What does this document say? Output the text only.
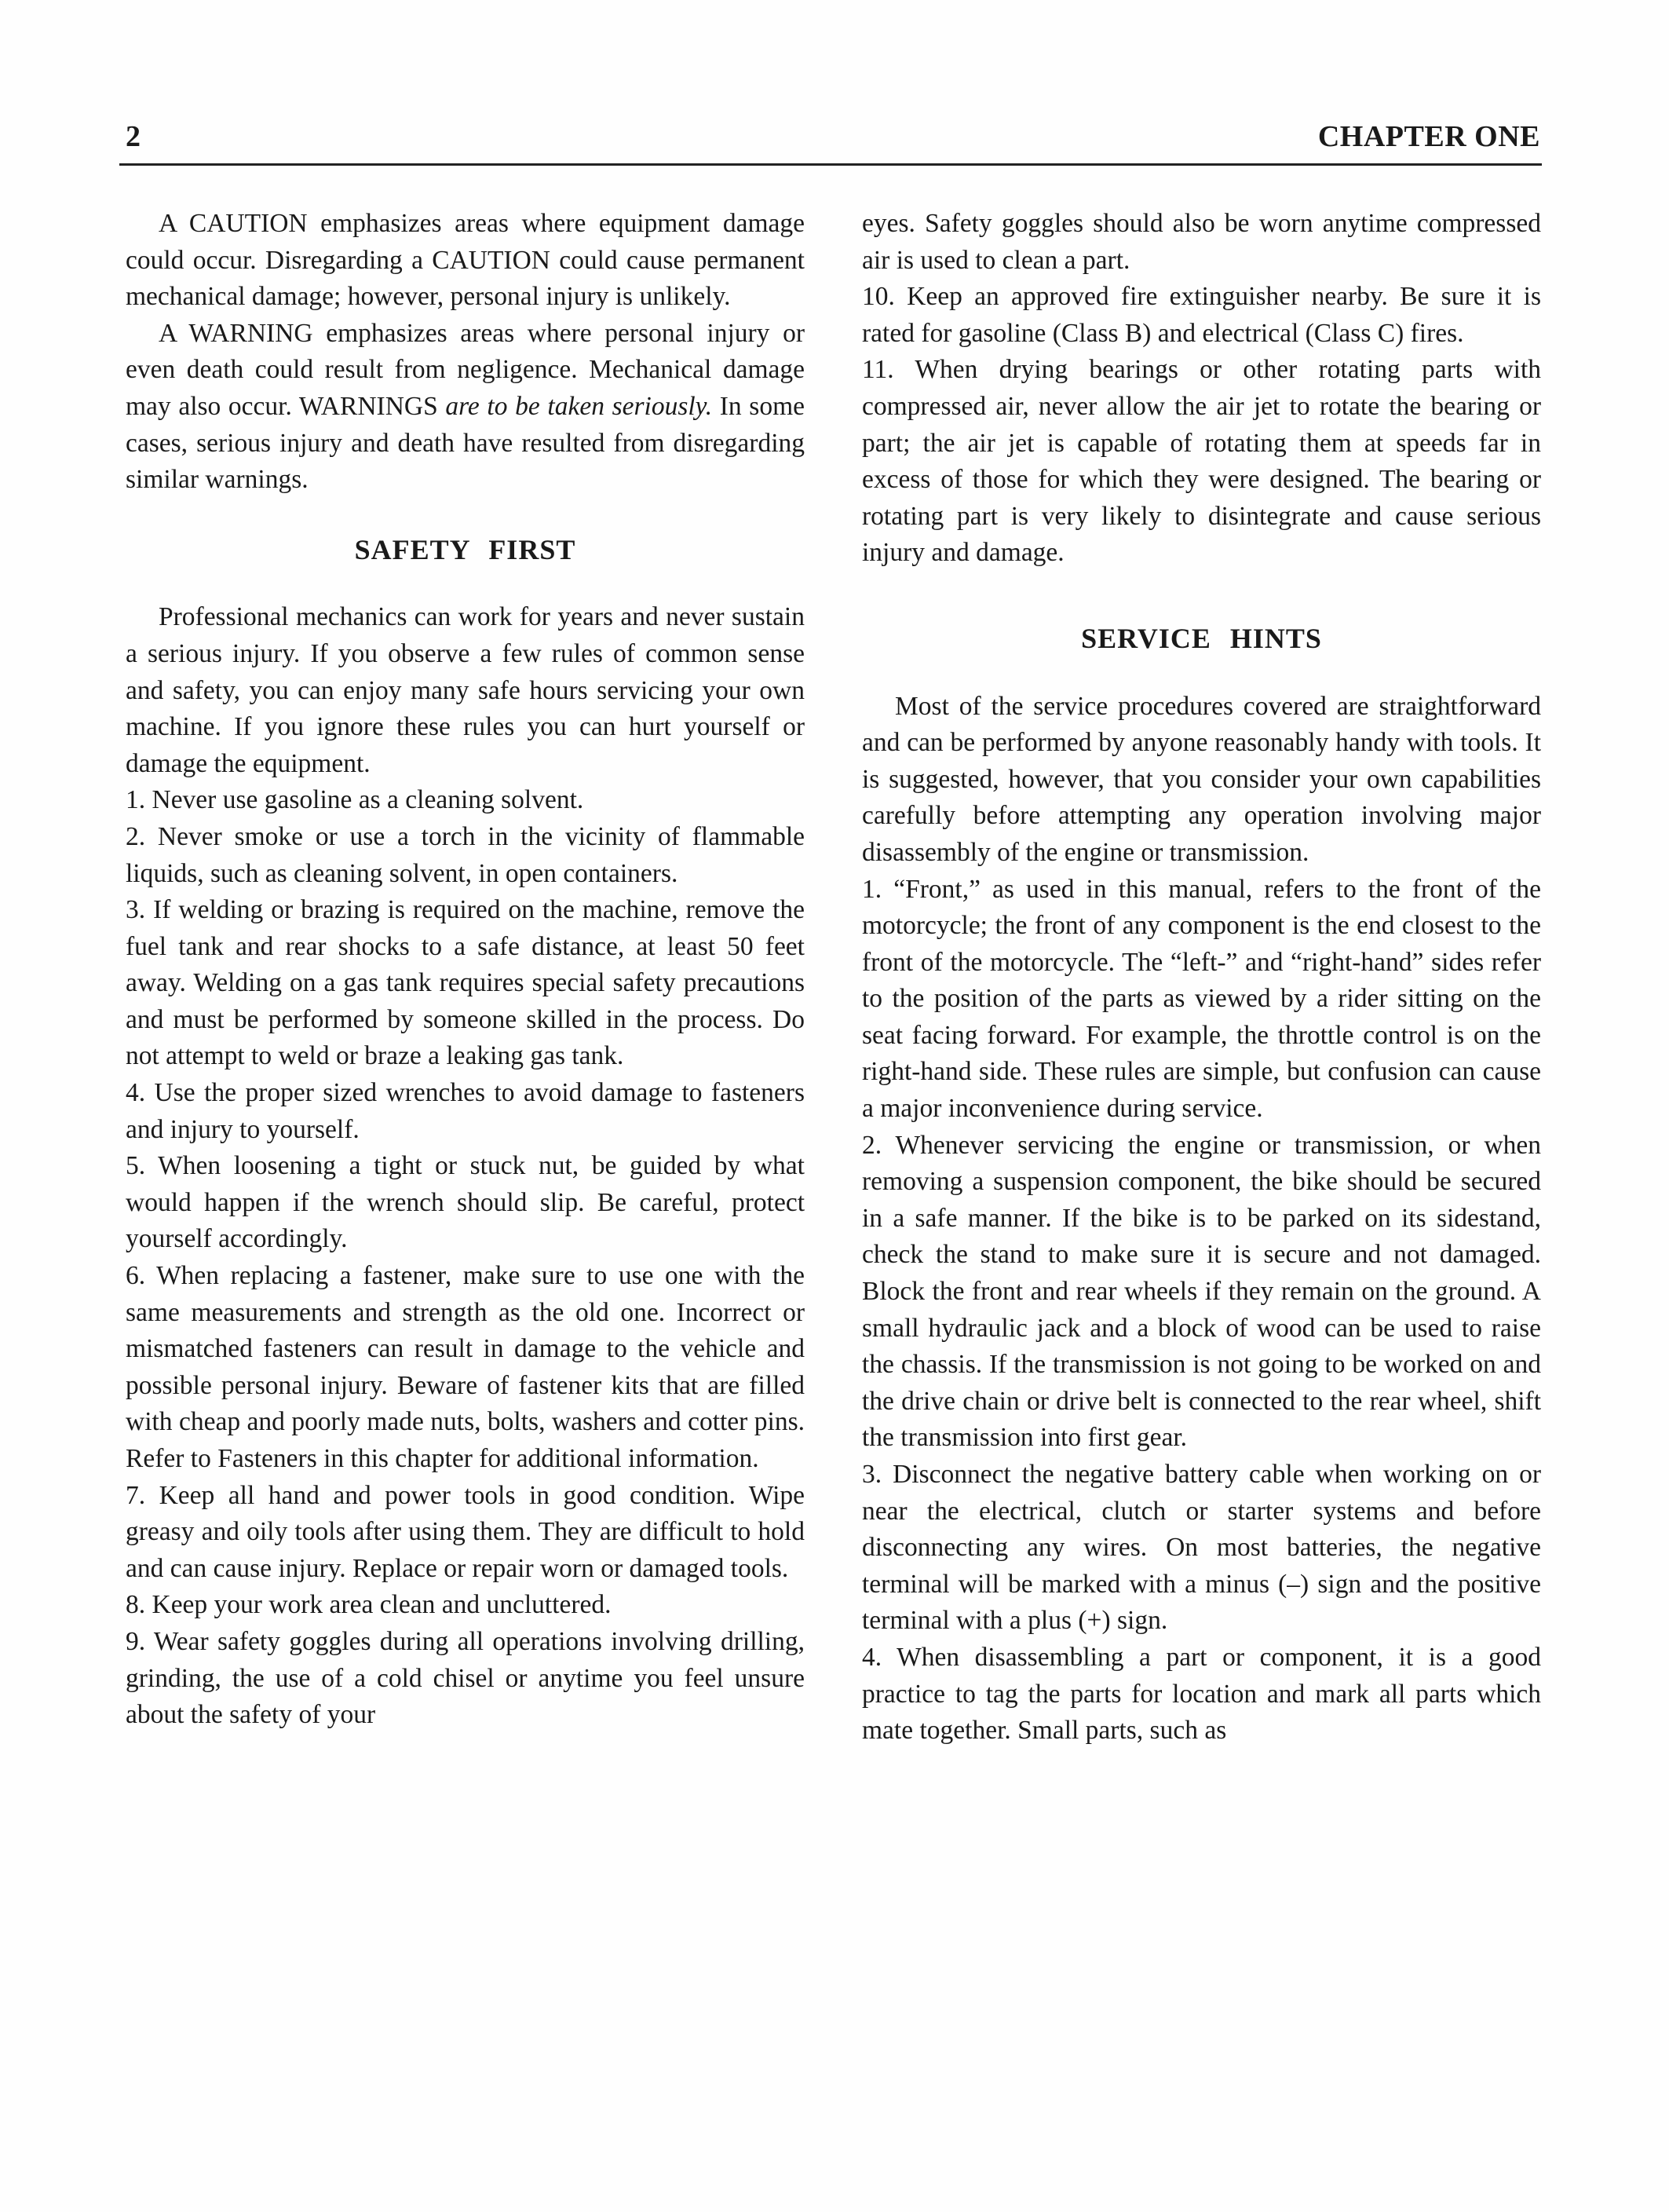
2	CHAPTER ONE

A CAUTION emphasizes areas where equipment damage could occur. Disregarding a CAUTION could cause permanent mechanical damage; however, personal injury is unlikely.

A WARNING emphasizes areas where personal injury or even death could result from negligence. Mechanical damage may also occur. WARNINGS are to be taken seriously. In some cases, serious injury and death have resulted from disregarding similar warnings.

SAFETY FIRST

Professional mechanics can work for years and never sustain a serious injury. If you observe a few rules of common sense and safety, you can enjoy many safe hours servicing your own machine. If you ignore these rules you can hurt yourself or damage the equipment.

1. Never use gasoline as a cleaning solvent.

2. Never smoke or use a torch in the vicinity of flammable liquids, such as cleaning solvent, in open containers.

3. If welding or brazing is required on the machine, remove the fuel tank and rear shocks to a safe distance, at least 50 feet away. Welding on a gas tank requires special safety precautions and must be performed by someone skilled in the process. Do not attempt to weld or braze a leaking gas tank.

4. Use the proper sized wrenches to avoid damage to fasteners and injury to yourself.

5. When loosening a tight or stuck nut, be guided by what would happen if the wrench should slip. Be careful, protect yourself accordingly.

6. When replacing a fastener, make sure to use one with the same measurements and strength as the old one. Incorrect or mismatched fasteners can result in damage to the vehicle and possible personal injury. Beware of fastener kits that are filled with cheap and poorly made nuts, bolts, washers and cotter pins. Refer to Fasteners in this chapter for additional information.

7. Keep all hand and power tools in good condition. Wipe greasy and oily tools after using them. They are difficult to hold and can cause injury. Replace or repair worn or damaged tools.

8. Keep your work area clean and uncluttered.

9. Wear safety goggles during all operations involving drilling, grinding, the use of a cold chisel or anytime you feel unsure about the safety of your

eyes. Safety goggles should also be worn anytime compressed air is used to clean a part.

10. Keep an approved fire extinguisher nearby. Be sure it is rated for gasoline (Class B) and electrical (Class C) fires.

11. When drying bearings or other rotating parts with compressed air, never allow the air jet to rotate the bearing or part; the air jet is capable of rotating them at speeds far in excess of those for which they were designed. The bearing or rotating part is very likely to disintegrate and cause serious injury and damage.

SERVICE HINTS

Most of the service procedures covered are straightforward and can be performed by anyone reasonably handy with tools. It is suggested, however, that you consider your own capabilities carefully before attempting any operation involving major disassembly of the engine or transmission.

1. “Front,” as used in this manual, refers to the front of the motorcycle; the front of any component is the end closest to the front of the motorcycle. The “left-” and “right-hand” sides refer to the position of the parts as viewed by a rider sitting on the seat facing forward. For example, the throttle control is on the right-hand side. These rules are simple, but confusion can cause a major inconvenience during service.

2. Whenever servicing the engine or transmission, or when removing a suspension component, the bike should be secured in a safe manner. If the bike is to be parked on its sidestand, check the stand to make sure it is secure and not damaged. Block the front and rear wheels if they remain on the ground. A small hydraulic jack and a block of wood can be used to raise the chassis. If the transmission is not going to be worked on and the drive chain or drive belt is connected to the rear wheel, shift the transmission into first gear.

3. Disconnect the negative battery cable when working on or near the electrical, clutch or starter systems and before disconnecting any wires. On most batteries, the negative terminal will be marked with a minus (–) sign and the positive terminal with a plus (+) sign.

4. When disassembling a part or component, it is a good practice to tag the parts for location and mark all parts which mate together. Small parts, such as
